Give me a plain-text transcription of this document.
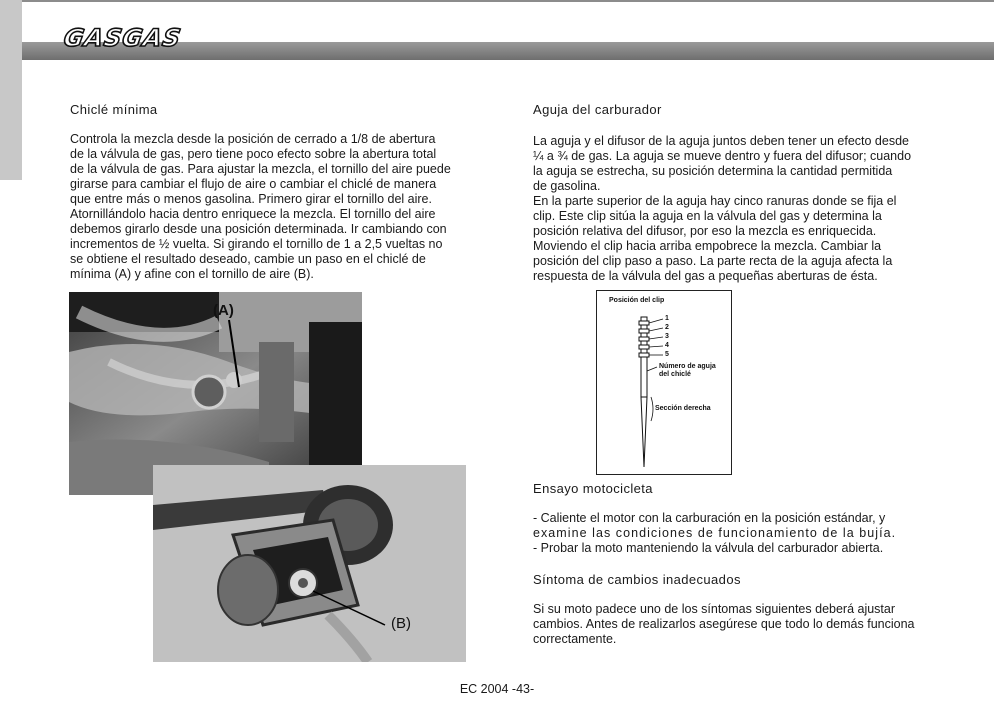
GASGAS
Chiclé mínima
Controla la mezcla desde la posición de cerrado a 1/8 de abertura
de la válvula de gas, pero tiene poco efecto sobre la abertura total
de la válvula de gas. Para ajustar la mezcla, el tornillo del aire puede
girarse para cambiar el flujo de aire o cambiar el chiclé de manera
que entre más o menos gasolina. Primero girar el tornillo del aire.
Atornillándolo hacia dentro enriquece la mezcla. El tornillo del aire
debemos girarlo desde una posición determinada. Ir cambiando con
incrementos de ½ vuelta. Si girando el tornillo de 1 a 2,5 vueltas no
se obtiene el resultado deseado, cambie un paso en el chiclé de
mínima (A) y afine con el tornillo de aire (B).
(A)
(B)
Aguja del carburador
La aguja y el difusor de la aguja juntos deben tener un efecto desde
¼ a ¾ de gas. La aguja se mueve dentro y fuera del difusor; cuando
la aguja se estrecha, su posición determina la cantidad permitida
de gasolina.
En la parte superior de la aguja hay cinco ranuras donde se fija el
clip. Este clip sitúa la aguja en la válvula del gas y determina la
posición relativa del difusor, por eso la mezcla es enriquecida.
Moviendo el clip hacia arriba empobrece la mezcla. Cambiar la
posición del clip paso a paso. La parte recta de la aguja afecta la
respuesta de la válvula del gas a pequeñas aberturas de ésta.
Posición del clip
1
2
3
4
5
Número de aguja
del chiclé
Sección derecha
Ensayo motocicleta
- Caliente el motor con la carburación en la posición estándar, y
examine las condiciones de funcionamiento de la bujía.
- Probar la moto manteniendo la válvula del carburador abierta.
Síntoma de cambios inadecuados
Si su moto padece uno de los síntomas siguientes deberá ajustar
cambios. Antes de realizarlos asegúrese que todo lo demás funciona
correctamente.
EC 2004 -43-
